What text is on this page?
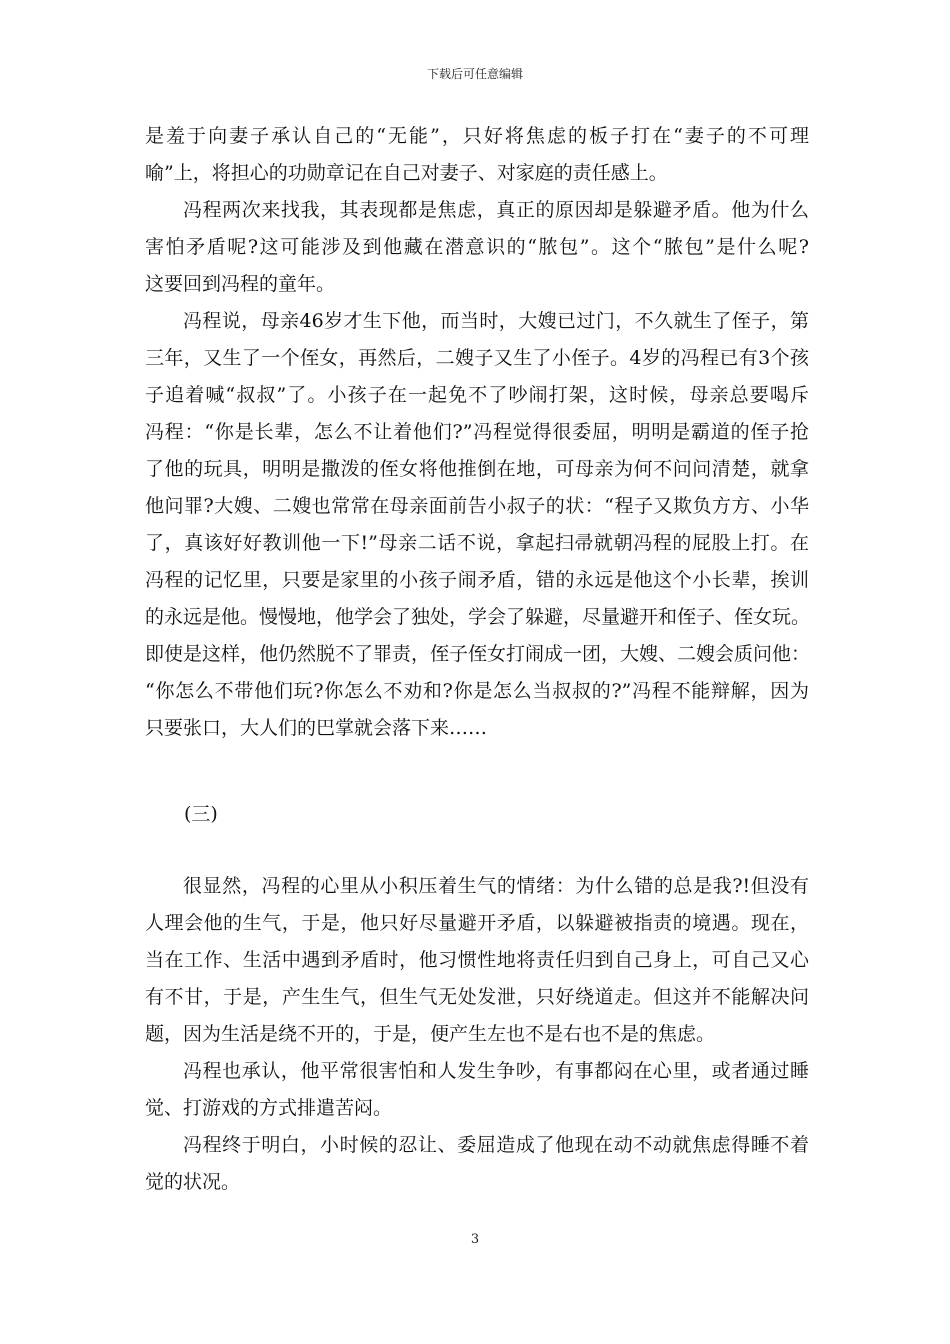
下载后可任意编辑
是羞于向妻子承认自己的“无能”，只好将焦虑的板子打在“妻子的不可理
喻”上，将担心的功勋章记在自己对妻子、对家庭的责任感上。
冯程两次来找我，其表现都是焦虑，真正的原因却是躲避矛盾。他为什么
害怕矛盾呢?这可能涉及到他藏在潜意识的“脓包”。这个“脓包”是什么呢?
这要回到冯程的童年。
冯程说，母亲46岁才生下他，而当时，大嫂已过门，不久就生了侄子，第
三年，又生了一个侄女，再然后，二嫂子又生了小侄子。4岁的冯程已有3个孩
子追着喊“叔叔”了。小孩子在一起免不了吵闹打架，这时候，母亲总要喝斥
冯程：“你是长辈，怎么不让着他们?”冯程觉得很委屈，明明是霸道的侄子抢
了他的玩具，明明是撒泼的侄女将他推倒在地，可母亲为何不问问清楚，就拿
他问罪?大嫂、二嫂也常常在母亲面前告小叔子的状：“程子又欺负方方、小华
了，真该好好教训他一下!”母亲二话不说，拿起扫帚就朝冯程的屁股上打。在
冯程的记忆里，只要是家里的小孩子闹矛盾，错的永远是他这个小长辈，挨训
的永远是他。慢慢地，他学会了独处，学会了躲避，尽量避开和侄子、侄女玩。
即使是这样，他仍然脱不了罪责，侄子侄女打闹成一团，大嫂、二嫂会质问他：
“你怎么不带他们玩?你怎么不劝和?你是怎么当叔叔的?”冯程不能辩解，因为
只要张口，大人们的巴掌就会落下来……
(三)
很显然，冯程的心里从小积压着生气的情绪：为什么错的总是我?!但没有
人理会他的生气，于是，他只好尽量避开矛盾，以躲避被指责的境遇。现在，
当在工作、生活中遇到矛盾时，他习惯性地将责任归到自己身上，可自己又心
有不甘，于是，产生生气，但生气无处发泄，只好绕道走。但这并不能解决问
题，因为生活是绕不开的，于是，便产生左也不是右也不是的焦虑。
冯程也承认，他平常很害怕和人发生争吵，有事都闷在心里，或者通过睡
觉、打游戏的方式排遣苦闷。
冯程终于明白，小时候的忍让、委屈造成了他现在动不动就焦虑得睡不着
觉的状况。
3
